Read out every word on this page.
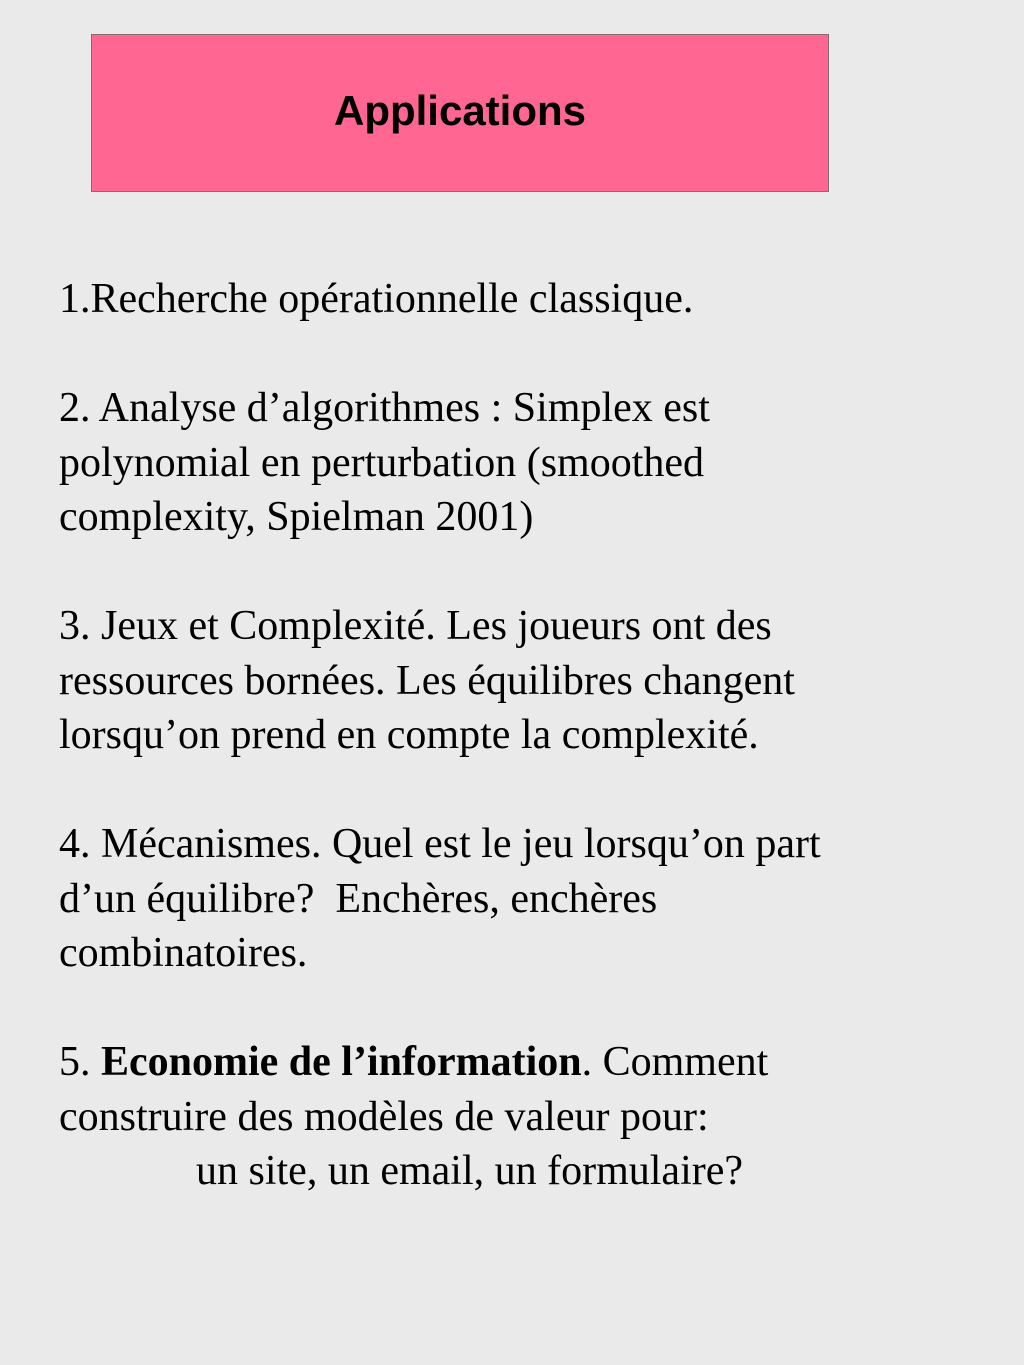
Applications
1.Recherche opérationnelle classique.
2. Analyse d’algorithmes : Simplex est
polynomial en perturbation (smoothed
complexity, Spielman 2001)
3. Jeux et Complexité. Les joueurs ont des
ressources bornées. Les équilibres changent
lorsqu’on prend en compte la complexité.
4. Mécanismes. Quel est le jeu lorsqu’on part
d’un équilibre?  Enchères, enchères
combinatoires.
5. Economie de l’information. Comment
construire des modèles de valeur pour:
un site, un email, un formulaire?
